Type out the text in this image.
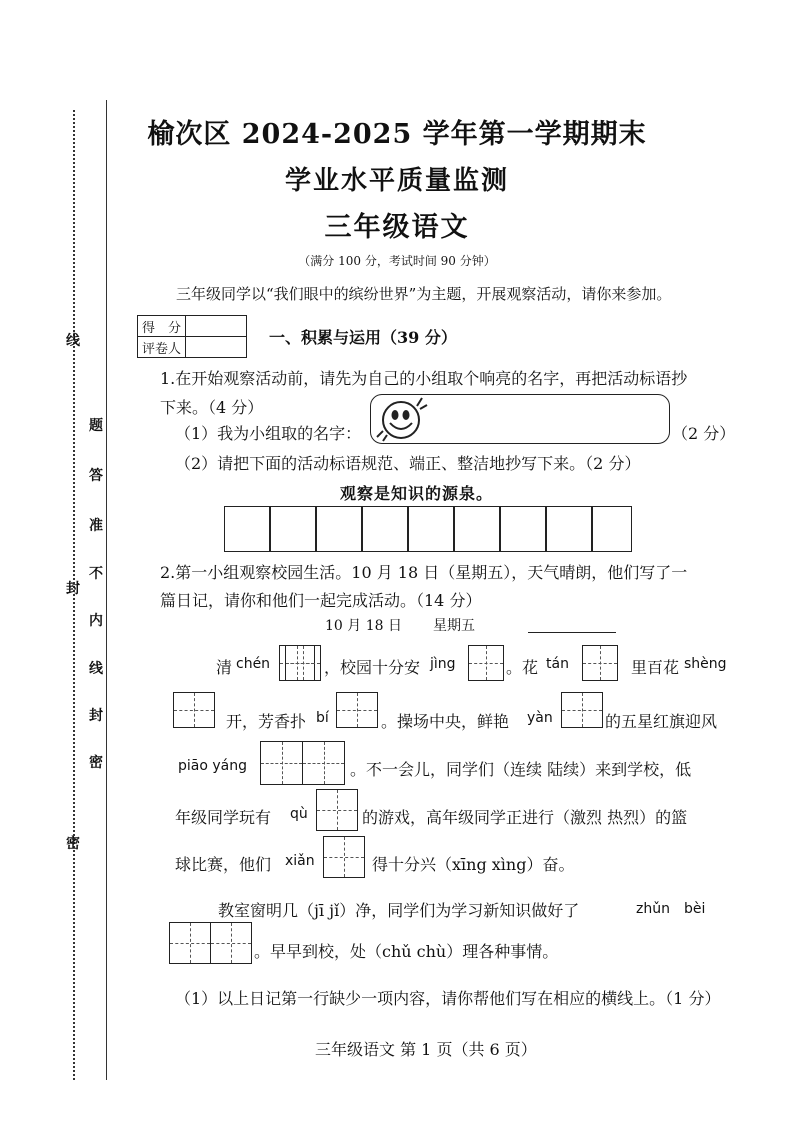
线
封
密
题
答
准
不
内
线
封
密
榆次区 2024-2025 学年第一学期期末
学业水平质量监测
三年级语文
（满分 100 分，考试时间 90 分钟）
三年级同学以“我们眼中的缤纷世界”为主题，开展观察活动，请你来参加。
得　分	
评卷人	
一、积累与运用（39 分）
1.在开始观察活动前，请先为自己的小组取个响亮的名字，再把活动标语抄
下来。（4 分）
（1）我为小组取的名字：	（2 分）
（2）请把下面的活动标语规范、端正、整洁地抄写下来。（2 分）
观察是知识的源泉。
2.第一小组观察校园生活。10 月 18 日（星期五），天气晴朗，他们写了一
篇日记，请你和他们一起完成活动。（14 分）
10 月 18 日 星期五
清 chén	，校园十分安 jìng	。花 tán	里百花 shèng
开，芳香扑 bí	。操场中央，鲜艳 yàn	的五星红旗迎风
piāo yáng	。不一会儿，同学们（连续 陆续）来到学校，低
年级同学玩有 qù	的游戏，高年级同学正进行（激烈 热烈）的篮
球比赛，他们 xiǎn	得十分兴（xīng xìng）奋。
教室窗明几（jī jǐ）净，同学们为学习新知识做好了	zhǔn　bèi
。早早到校，处（chǔ chù）理各种事情。
（1）以上日记第一行缺少一项内容，请你帮他们写在相应的横线上。（1 分）
三年级语文 第 1 页（共 6 页）
